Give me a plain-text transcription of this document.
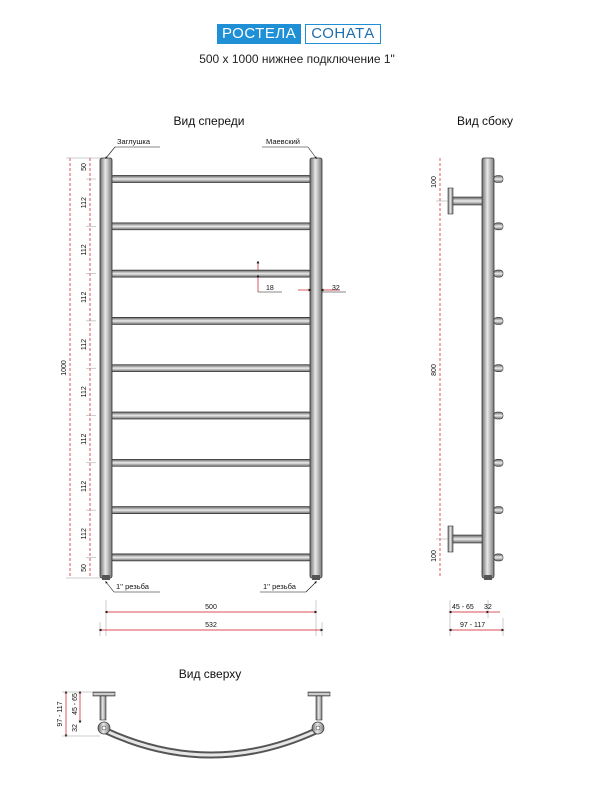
РОСТЕЛА	СОНАТА
500 х 1000 нижнее подключение 1"
Вид спереди	Вид сбоку
Вид сверху
Заглушка	Маевский
1'' резьба	1'' резьба
1000
112
112
112
112
112
112
112
112
50
50
18	32
500
532
100
800
100
45 - 65 32
97 - 117
97 - 117 45 - 65
32
